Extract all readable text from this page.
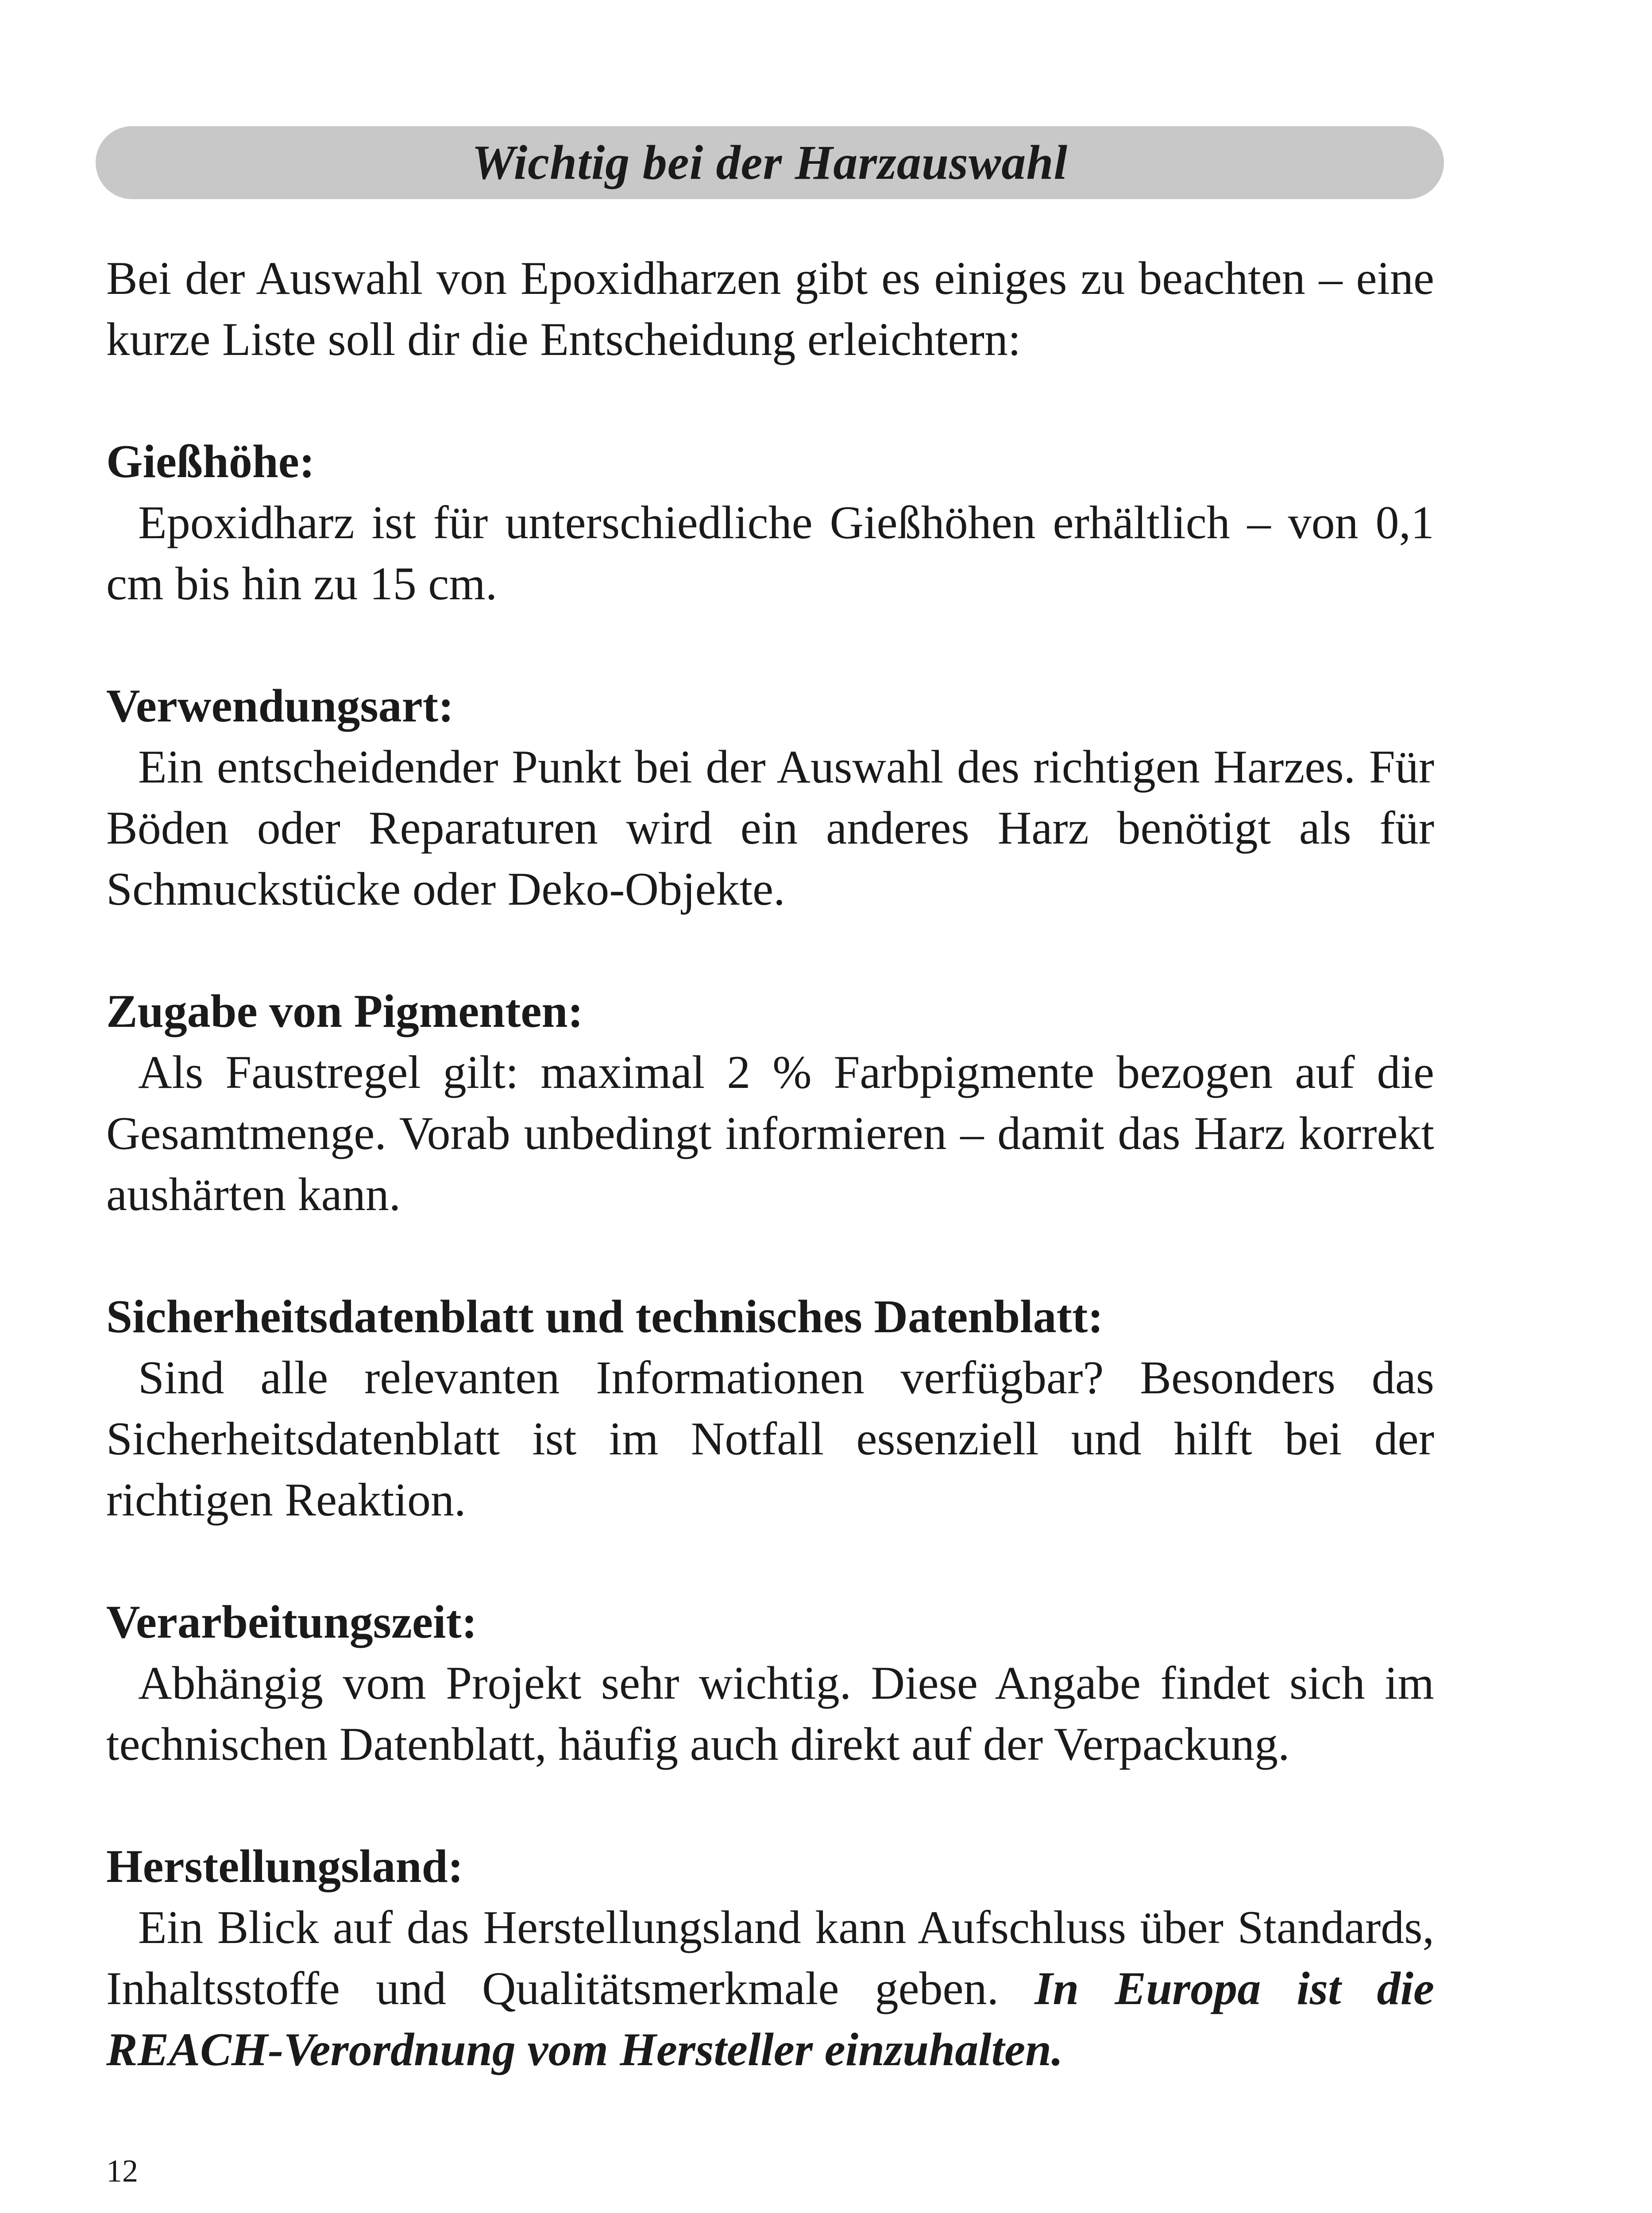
Wichtig bei der Harzauswahl

Bei der Auswahl von Epoxidharzen gibt es einiges zu beachten – eine kurze Liste soll dir die Entscheidung erleichtern:

Gießhöhe:

Epoxidharz ist für unterschiedliche Gießhöhen erhältlich – von 0,1 cm bis hin zu 15 cm.

Verwendungsart:

Ein entscheidender Punkt bei der Auswahl des richtigen Harzes. Für Böden oder Reparaturen wird ein anderes Harz benötigt als für Schmuckstücke oder Deko-Objekte.

Zugabe von Pigmenten:

Als Faustregel gilt: maximal 2 % Farbpigmente bezogen auf die Gesamtmenge. Vorab unbedingt informieren – damit das Harz korrekt aushärten kann.

Sicherheitsdatenblatt und technisches Datenblatt:

Sind alle relevanten Informationen verfügbar? Besonders das Sicherheitsdatenblatt ist im Notfall essenziell und hilft bei der richtigen Reaktion.

Verarbeitungszeit:

Abhängig vom Projekt sehr wichtig. Diese Angabe findet sich im technischen Datenblatt, häufig auch direkt auf der Verpackung.

Herstellungsland:

Ein Blick auf das Herstellungsland kann Aufschluss über Standards, Inhaltsstoffe und Qualitätsmerkmale geben. In Europa ist die REACH-Verordnung vom Hersteller einzuhalten.

12
